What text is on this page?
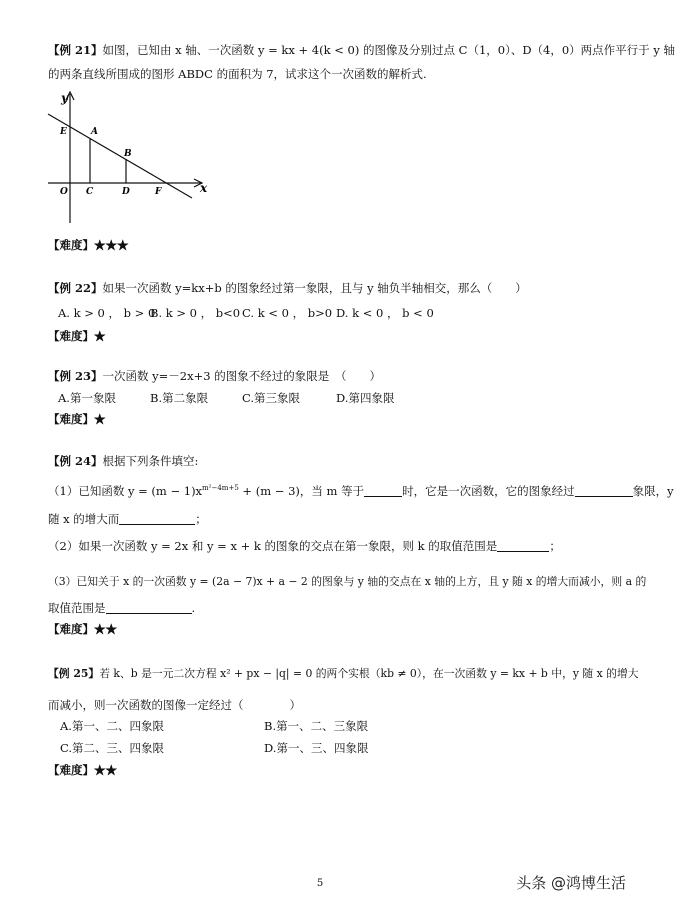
【例 21】如图，已知由 x 轴、一次函数 y = kx + 4(k < 0) 的图像及分别过点 C（1，0）、D（4，0）两点作平行于 y 轴
的两条直线所围成的图形 ABDC 的面积为 7，试求这个一次函数的解析式.
y
x
E	A
B
O C	D	F
【难度】★★★
【例 22】如果一次函数 y=kx+b 的图象经过第一象限，且与 y 轴负半轴相交，那么（　　）
A. k > 0 ， b > 0
B. k > 0 ， b<0 C. k < 0 ， b>0 D. k < 0 ， b < 0
【难度】★
【例 23】一次函数 y=－2x+3 的图象不经过的象限是　（　　）
A.第一象限	B.第二象限	C.第三象限	D.第四象限
【难度】★
【例 24】根据下列条件填空:
（1）已知函数 $y = (m - 1)x^{m^2-4m+5} + (m - 3)$，当 m 等于	时，它是一次函数，它的图象经过	象限，y
随 x 的增大而	；
（2）如果一次函数 y = 2x 和 y = x + k 的图象的交点在第一象限，则 k 的取值范围是	；
（3）已知关于 x 的一次函数 y = (2a − 7)x + a − 2 的图象与 y 轴的交点在 x 轴的上方，且 y 随 x 的增大而减小，则 a 的
取值范围是	.
【难度】★★
【例 25】若 k、b 是一元二次方程 x² + px − |q| = 0 的两个实根（kb ≠ 0），在一次函数 y = kx + b 中，y 随 x 的增大
而减小，则一次函数的图像一定经过（　　　　）
A.第一、二、四象限	B.第一、二、三象限
C.第二、三、四象限	D.第一、三、四象限
【难度】★★
5	头条 @鸿博生活
